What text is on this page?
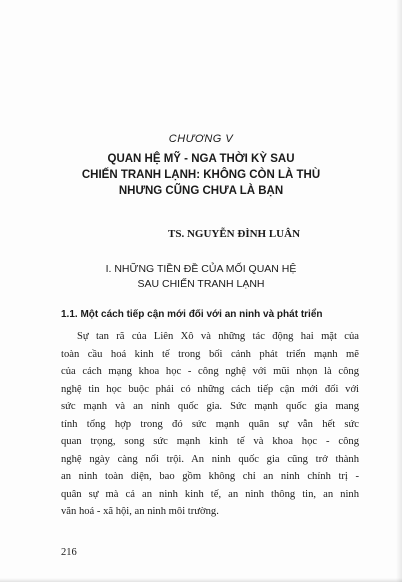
CHƯƠNG V
QUAN HỆ MỸ - NGA THỜI KỲ SAU
CHIẾN TRANH LẠNH: KHÔNG CÒN LÀ THÙ
NHƯNG CŨNG CHƯA LÀ BẠN
TS. NGUYỄN ĐÌNH LUÂN
I. NHỮNG TIỀN ĐỀ CỦA MỐI QUAN HỆ
SAU CHIẾN TRANH LẠNH
1.1. Một cách tiếp cận mới đối với an ninh và phát triển
Sự tan rã của Liên Xô và những tác động hai mặt của
toàn cầu hoá kinh tế trong bối cảnh phát triển mạnh mẽ
của cách mạng khoa học - công nghệ với mũi nhọn là công
nghệ tin học buộc phải có những cách tiếp cận mới đối với
sức mạnh và an ninh quốc gia. Sức mạnh quốc gia mang
tính tổng hợp trong đó sức mạnh quân sự vẫn hết sức
quan trọng, song sức mạnh kinh tế và khoa học - công
nghệ ngày càng nổi trội. An ninh quốc gia cũng trở thành
an ninh toàn diện, bao gồm không chỉ an ninh chính trị -
quân sự mà cả an ninh kinh tế, an ninh thông tin, an ninh
văn hoá - xã hội, an ninh môi trường.
216
